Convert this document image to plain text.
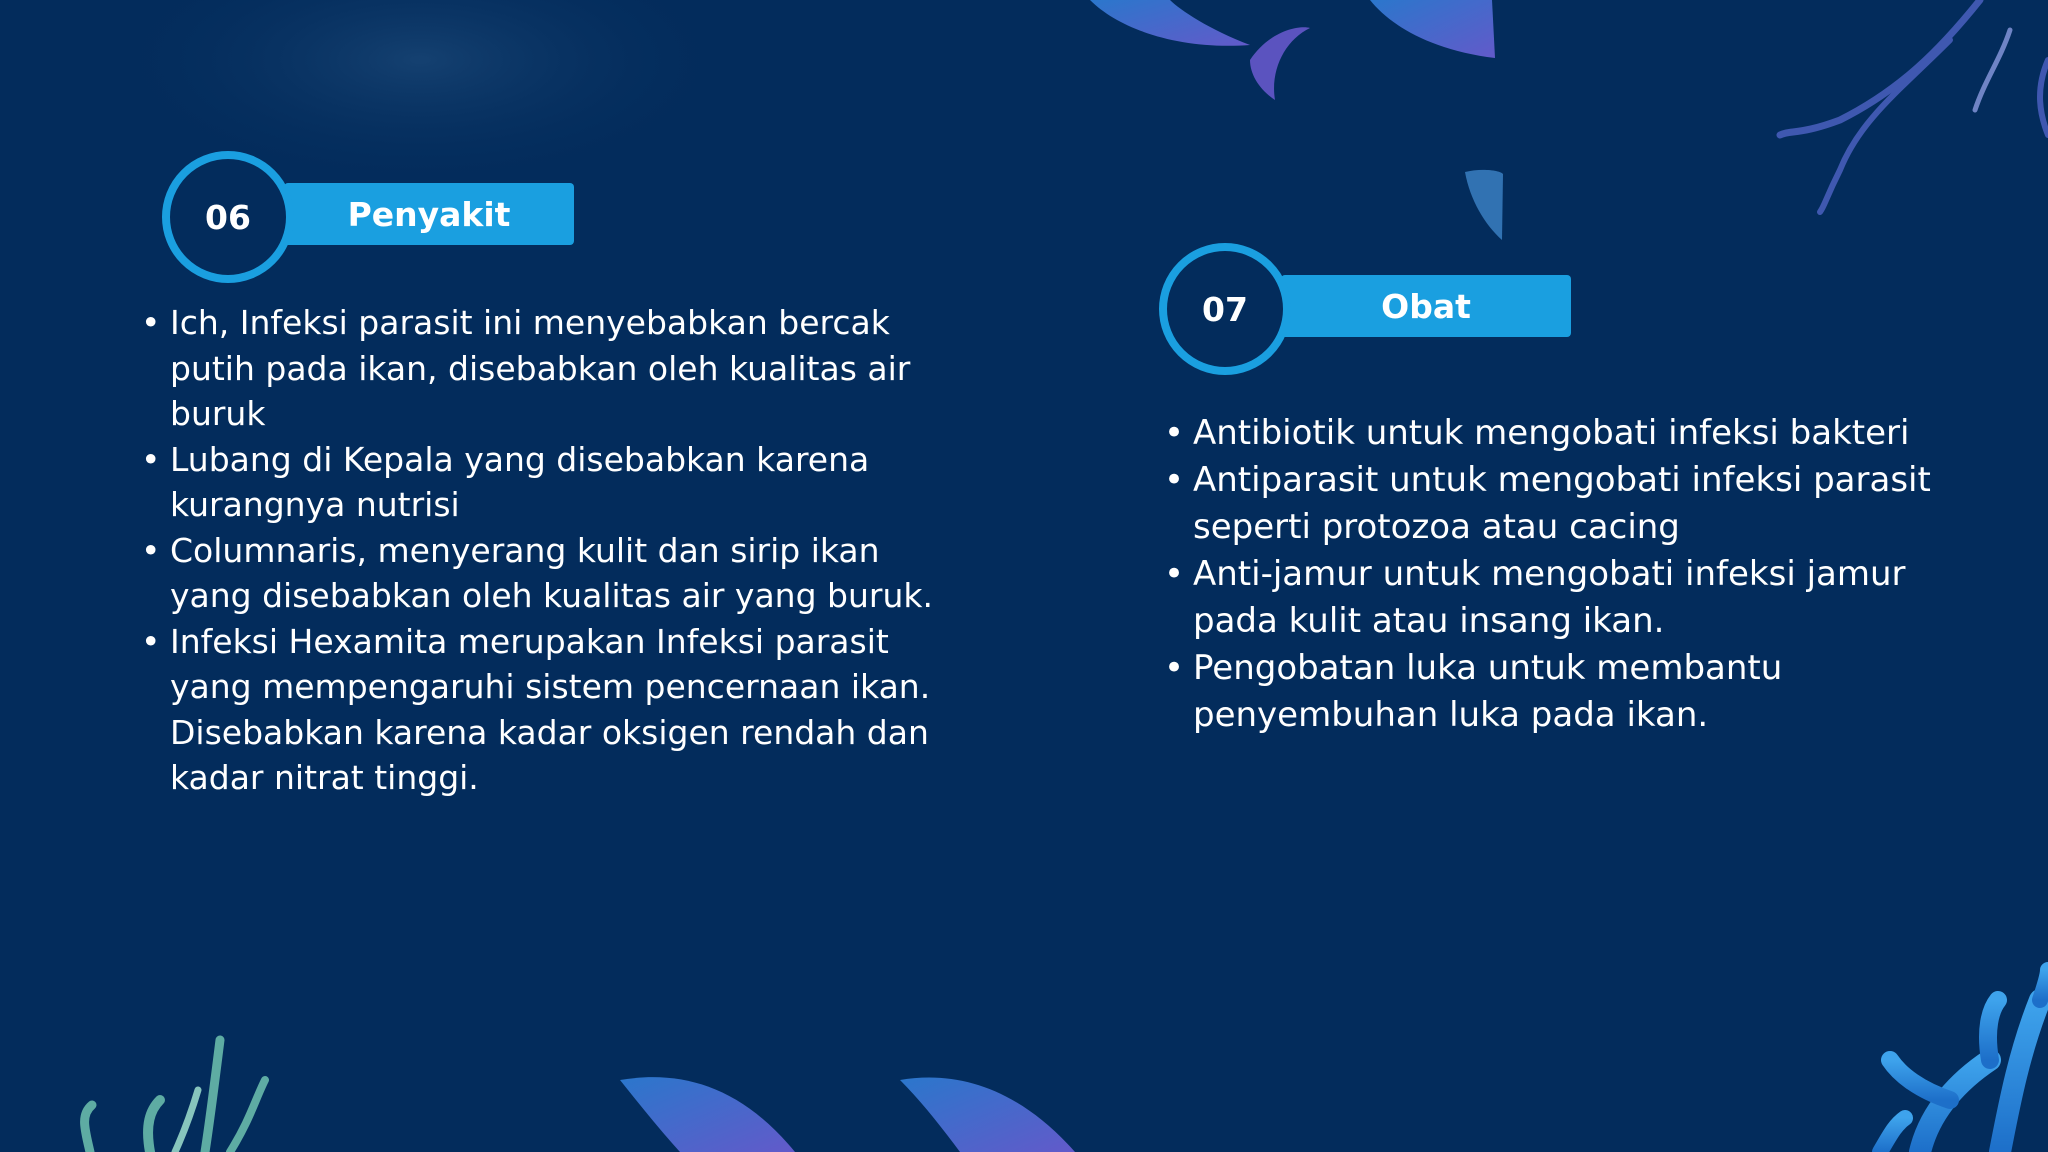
06	Penyakit
• Ich, Infeksi parasit ini menyebabkan bercak putih pada ikan, disebabkan oleh kualitas air buruk
• Lubang di Kepala yang disebabkan karena kurangnya nutrisi
• Columnaris, menyerang kulit dan sirip ikan yang disebabkan oleh kualitas air yang buruk.
• Infeksi Hexamita merupakan Infeksi parasit yang mempengaruhi sistem pencernaan ikan. Disebabkan karena kadar oksigen rendah dan kadar nitrat tinggi.
07	Obat
• Antibiotik untuk mengobati infeksi bakteri
• Antiparasit untuk mengobati infeksi parasit seperti protozoa atau cacing
• Anti-jamur untuk mengobati infeksi jamur pada kulit atau insang ikan.
• Pengobatan luka untuk membantu penyembuhan luka pada ikan.
